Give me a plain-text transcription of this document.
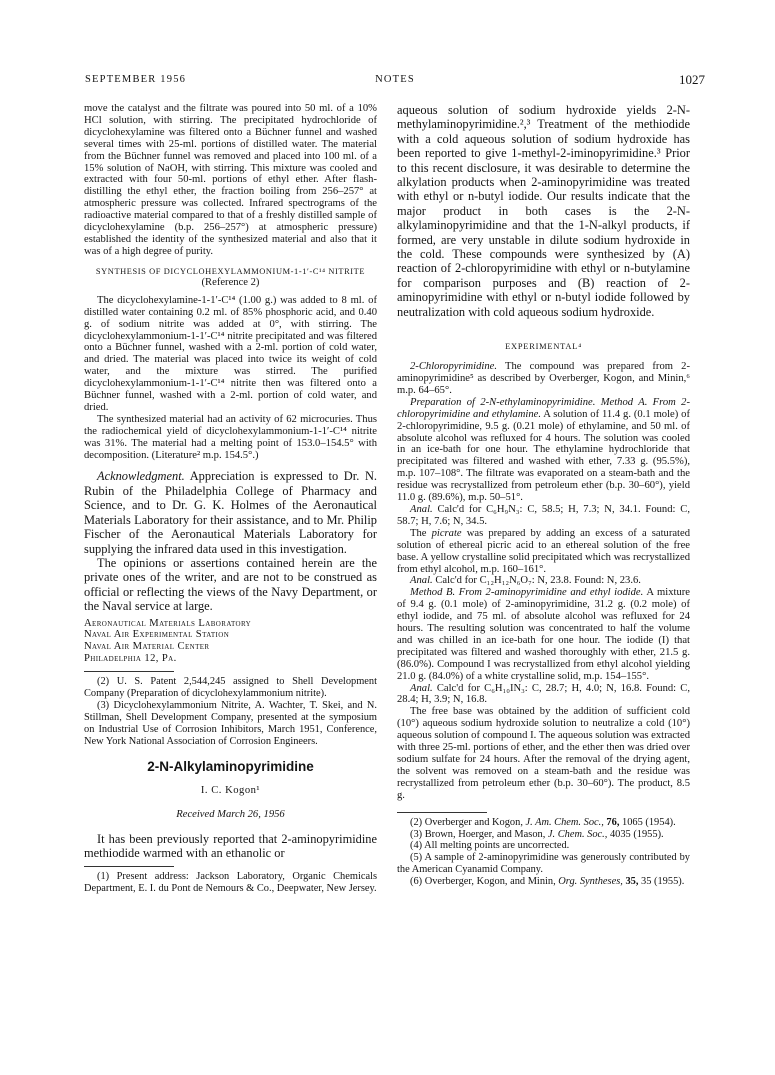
SEPTEMBER 1956	NOTES	1027

move the catalyst and the filtrate was poured into 50 ml. of a 10% HCl solution, with stirring. The precipitated hydrochloride of dicyclohexylamine was filtered onto a Büchner funnel and washed several times with 25-ml. portions of distilled water. The material from the Büchner funnel was removed and placed into 100 ml. of a 15% solution of NaOH, with stirring. This mixture was cooled and extracted with four 50-ml. portions of ethyl ether. After flash-distilling the ethyl ether, the fraction boiling from 256–257° at atmospheric pressure was collected. Infrared spectrograms of the radioactive material compared to that of a freshly distilled sample of dicyclohexylamine (b.p. 256–257°) at atmospheric pressure) established the identity of the synthesized material and also that it was of a high degree of purity.

SYNTHESIS OF DICYCLOHEXYLAMMONIUM-1-1′-C¹⁴ NITRITE
(Reference 2)

The dicyclohexylamine-1-1′-C¹⁴ (1.00 g.) was added to 8 ml. of distilled water containing 0.2 ml. of 85% phosphoric acid, and 0.40 g. of sodium nitrite was added at 0°, with stirring. The dicyclohexylammonium-1-1′-C¹⁴ nitrite precipitated and was filtered onto a Büchner funnel, washed with a 2-ml. portion of cold water, and dried. The material was placed into twice its weight of cold water, and the mixture was stirred. The purified dicyclohexylammonium-1-1′-C¹⁴ nitrite then was filtered onto a Büchner funnel, washed with a 2-ml. portion of cold water, and dried.

The synthesized material had an activity of 62 microcuries. Thus the radiochemical yield of dicyclohexylammonium-1-1′-C¹⁴ nitrite was 31%. The material had a melting point of 153.0–154.5° with decomposition. (Literature² m.p. 154.5°.)

Acknowledgment. Appreciation is expressed to Dr. N. Rubin of the Philadelphia College of Pharmacy and Science, and to Dr. G. K. Holmes of the Aeronautical Materials Laboratory for their assistance, and to Mr. Philip Fischer of the Aeronautical Materials Laboratory for supplying the infrared data used in this investigation.

The opinions or assertions contained herein are the private ones of the writer, and are not to be construed as official or reflecting the views of the Navy Department, or the Naval service at large.

Aeronautical Materials Laboratory
Naval Air Experimental Station
Naval Air Material Center
Philadelphia 12, Pa.

(2) U. S. Patent 2,544,245 assigned to Shell Development Company (Preparation of dicyclohexylammonium nitrite).

(3) Dicyclohexylammonium Nitrite, A. Wachter, T. Skei, and N. Stillman, Shell Development Company, presented at the symposium on Industrial Use of Corrosion Inhibitors, March 1951, Conference, New York National Association of Corrosion Engineers.

2-N-Alkylaminopyrimidine
I. C. Kogon¹
Received March 26, 1956

It has been previously reported that 2-aminopyrimidine methiodide warmed with an ethanolic or

(1) Present address: Jackson Laboratory, Organic Chemicals Department, E. I. du Pont de Nemours & Co., Deepwater, New Jersey.

aqueous solution of sodium hydroxide yields 2-N-methylaminopyrimidine.²,³ Treatment of the methiodide with a cold aqueous solution of sodium hydroxide has been reported to give 1-methyl-2-iminopyrimidine.³ Prior to this recent disclosure, it was desirable to determine the alkylation products when 2-aminopyrimidine was treated with ethyl or n-butyl iodide. Our results indicate that the major product in both cases is the 2-N-alkylaminopyrimidine and that the 1-N-alkyl products, if formed, are very unstable in dilute sodium hydroxide in the cold. These compounds were synthesized by (A) reaction of 2-chloropyrimidine with ethyl or n-butylamine for comparison purposes and (B) reaction of 2-aminopyrimidine with ethyl or n-butyl iodide followed by neutralization with cold aqueous sodium hydroxide.

EXPERIMENTAL⁴

2-Chloropyrimidine. The compound was prepared from 2-aminopyrimidine⁵ as described by Overberger, Kogon, and Minin,⁶ m.p. 64–65°.

Preparation of 2-N-ethylaminopyrimidine. Method A. From 2-chloropyrimidine and ethylamine. A solution of 11.4 g. (0.1 mole) of 2-chloropyrimidine, 9.5 g. (0.21 mole) of ethylamine, and 50 ml. of absolute alcohol was refluxed for 4 hours. The solution was cooled in an ice-bath for one hour. The ethylamine hydrochloride that precipitated was filtered and washed with ether, 7.33 g. (95.5%), m.p. 107–108°. The filtrate was evaporated on a steam-bath and the residue was recrystallized from petroleum ether (b.p. 30–60°), yield 11.0 g. (89.6%), m.p. 50–51°.

Anal. Calc'd for C₆H₉N₃: C, 58.5; H, 7.3; N, 34.1. Found: C, 58.7; H, 7.6; N, 34.5.

The picrate was prepared by adding an excess of a saturated solution of ethereal picric acid to an ethereal solution of the free base. A yellow crystalline solid precipitated which was recrystallized from ethyl alcohol, m.p. 160–161°.

Anal. Calc'd for C₁₂H₁₂N₆O₇: N, 23.8. Found: N, 23.6.

Method B. From 2-aminopyrimidine and ethyl iodide. A mixture of 9.4 g. (0.1 mole) of 2-aminopyrimidine, 31.2 g. (0.2 mole) of ethyl iodide, and 75 ml. of absolute alcohol was refluxed for 24 hours. The resulting solution was concentrated to half the volume and was chilled in an ice-bath for one hour. The iodide (I) that precipitated was filtered and washed thoroughly with ether, 21.5 g. (86.0%). Compound I was recrystallized from ethyl alcohol yielding 21.0 g. (84.0%) of a white crystalline solid, m.p. 154–155°.

Anal. Calc'd for C₆H₁₀IN₃: C, 28.7; H, 4.0; N, 16.8. Found: C, 28.4; H, 3.9; N, 16.8.

The free base was obtained by the addition of sufficient cold (10°) aqueous sodium hydroxide solution to neutralize a cold (10°) aqueous solution of compound I. The aqueous solution was extracted with three 25-ml. portions of ether, and the ether then was dried over sodium sulfate for 24 hours. After the removal of the drying agent, the solvent was removed on a steam-bath and the residue was recrystallized from petroleum ether (b.p. 30–60°). The product, 8.5 g.

(2) Overberger and Kogon, J. Am. Chem. Soc., 76, 1065 (1954).

(3) Brown, Hoerger, and Mason, J. Chem. Soc., 4035 (1955).

(4) All melting points are uncorrected.

(5) A sample of 2-aminopyrimidine was generously contributed by the American Cyanamid Company.

(6) Overberger, Kogon, and Minin, Org. Syntheses, 35, 35 (1955).
